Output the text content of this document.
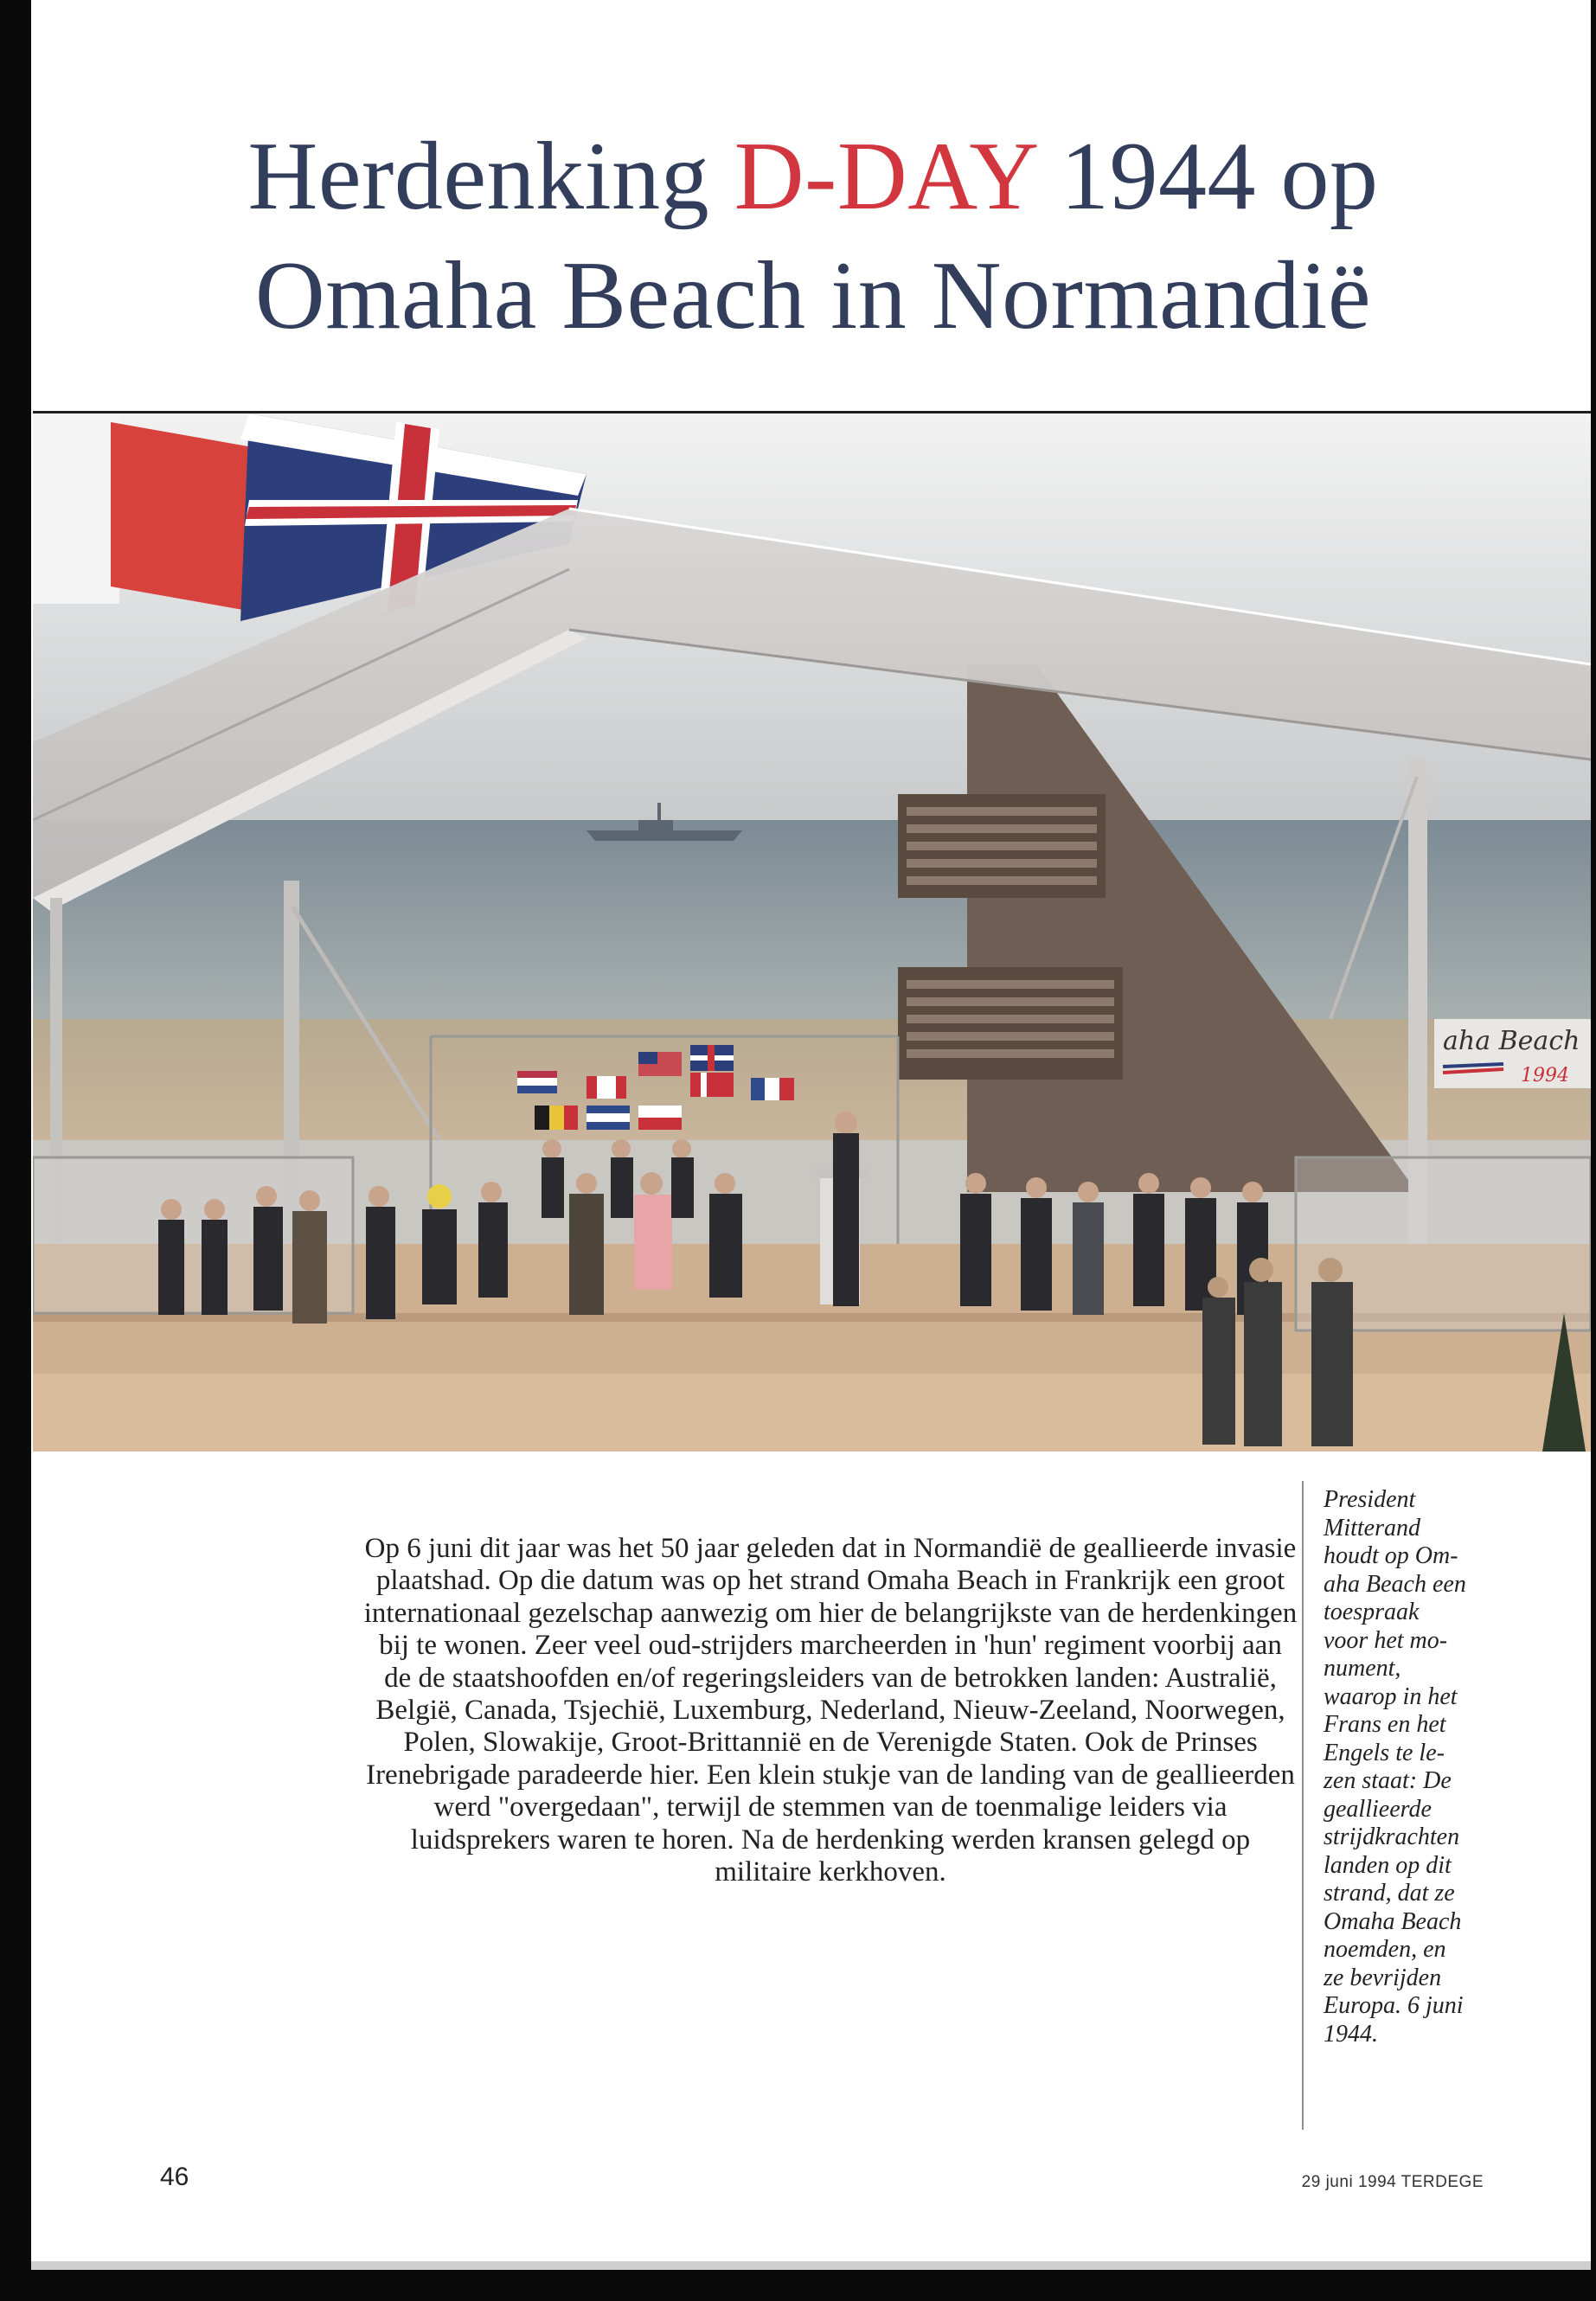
Herdenking D-DAY 1944 op
Omaha Beach in Normandië
aha Beach
1994
Op 6 juni dit jaar was het 50 jaar geleden dat in Normandië de geallieerde invasie plaatshad. Op die datum was op het strand Omaha Beach in Frankrijk een groot internationaal gezelschap aanwezig om hier de belangrijkste van de herdenkingen bij te wonen. Zeer veel oud-strijders marcheerden in 'hun' regiment voorbij aan de de staatshoofden en/of regeringsleiders van de betrokken landen: Australië, België, Canada, Tsjechië, Luxemburg, Nederland, Nieuw-Zeeland, Noorwegen, Polen, Slowakije, Groot-Brittannië en de Verenigde Staten. Ook de Prinses Irenebrigade paradeerde hier. Een klein stukje van de landing van de geallieerden werd "overgedaan", terwijl de stemmen van de toenmalige leiders via luidsprekers waren te horen. Na de herdenking werden kransen gelegd op militaire kerkhoven.
President
Mitterand
houdt op Om-
aha Beach een
toespraak
voor het mo-
nument,
waarop in het
Frans en het
Engels te le-
zen staat: De
geallieerde
strijdkrachten
landen op dit
strand, dat ze
Omaha Beach
noemden, en
ze bevrijden
Europa. 6 juni
1944.
46	29 juni 1994 TERDEGE
